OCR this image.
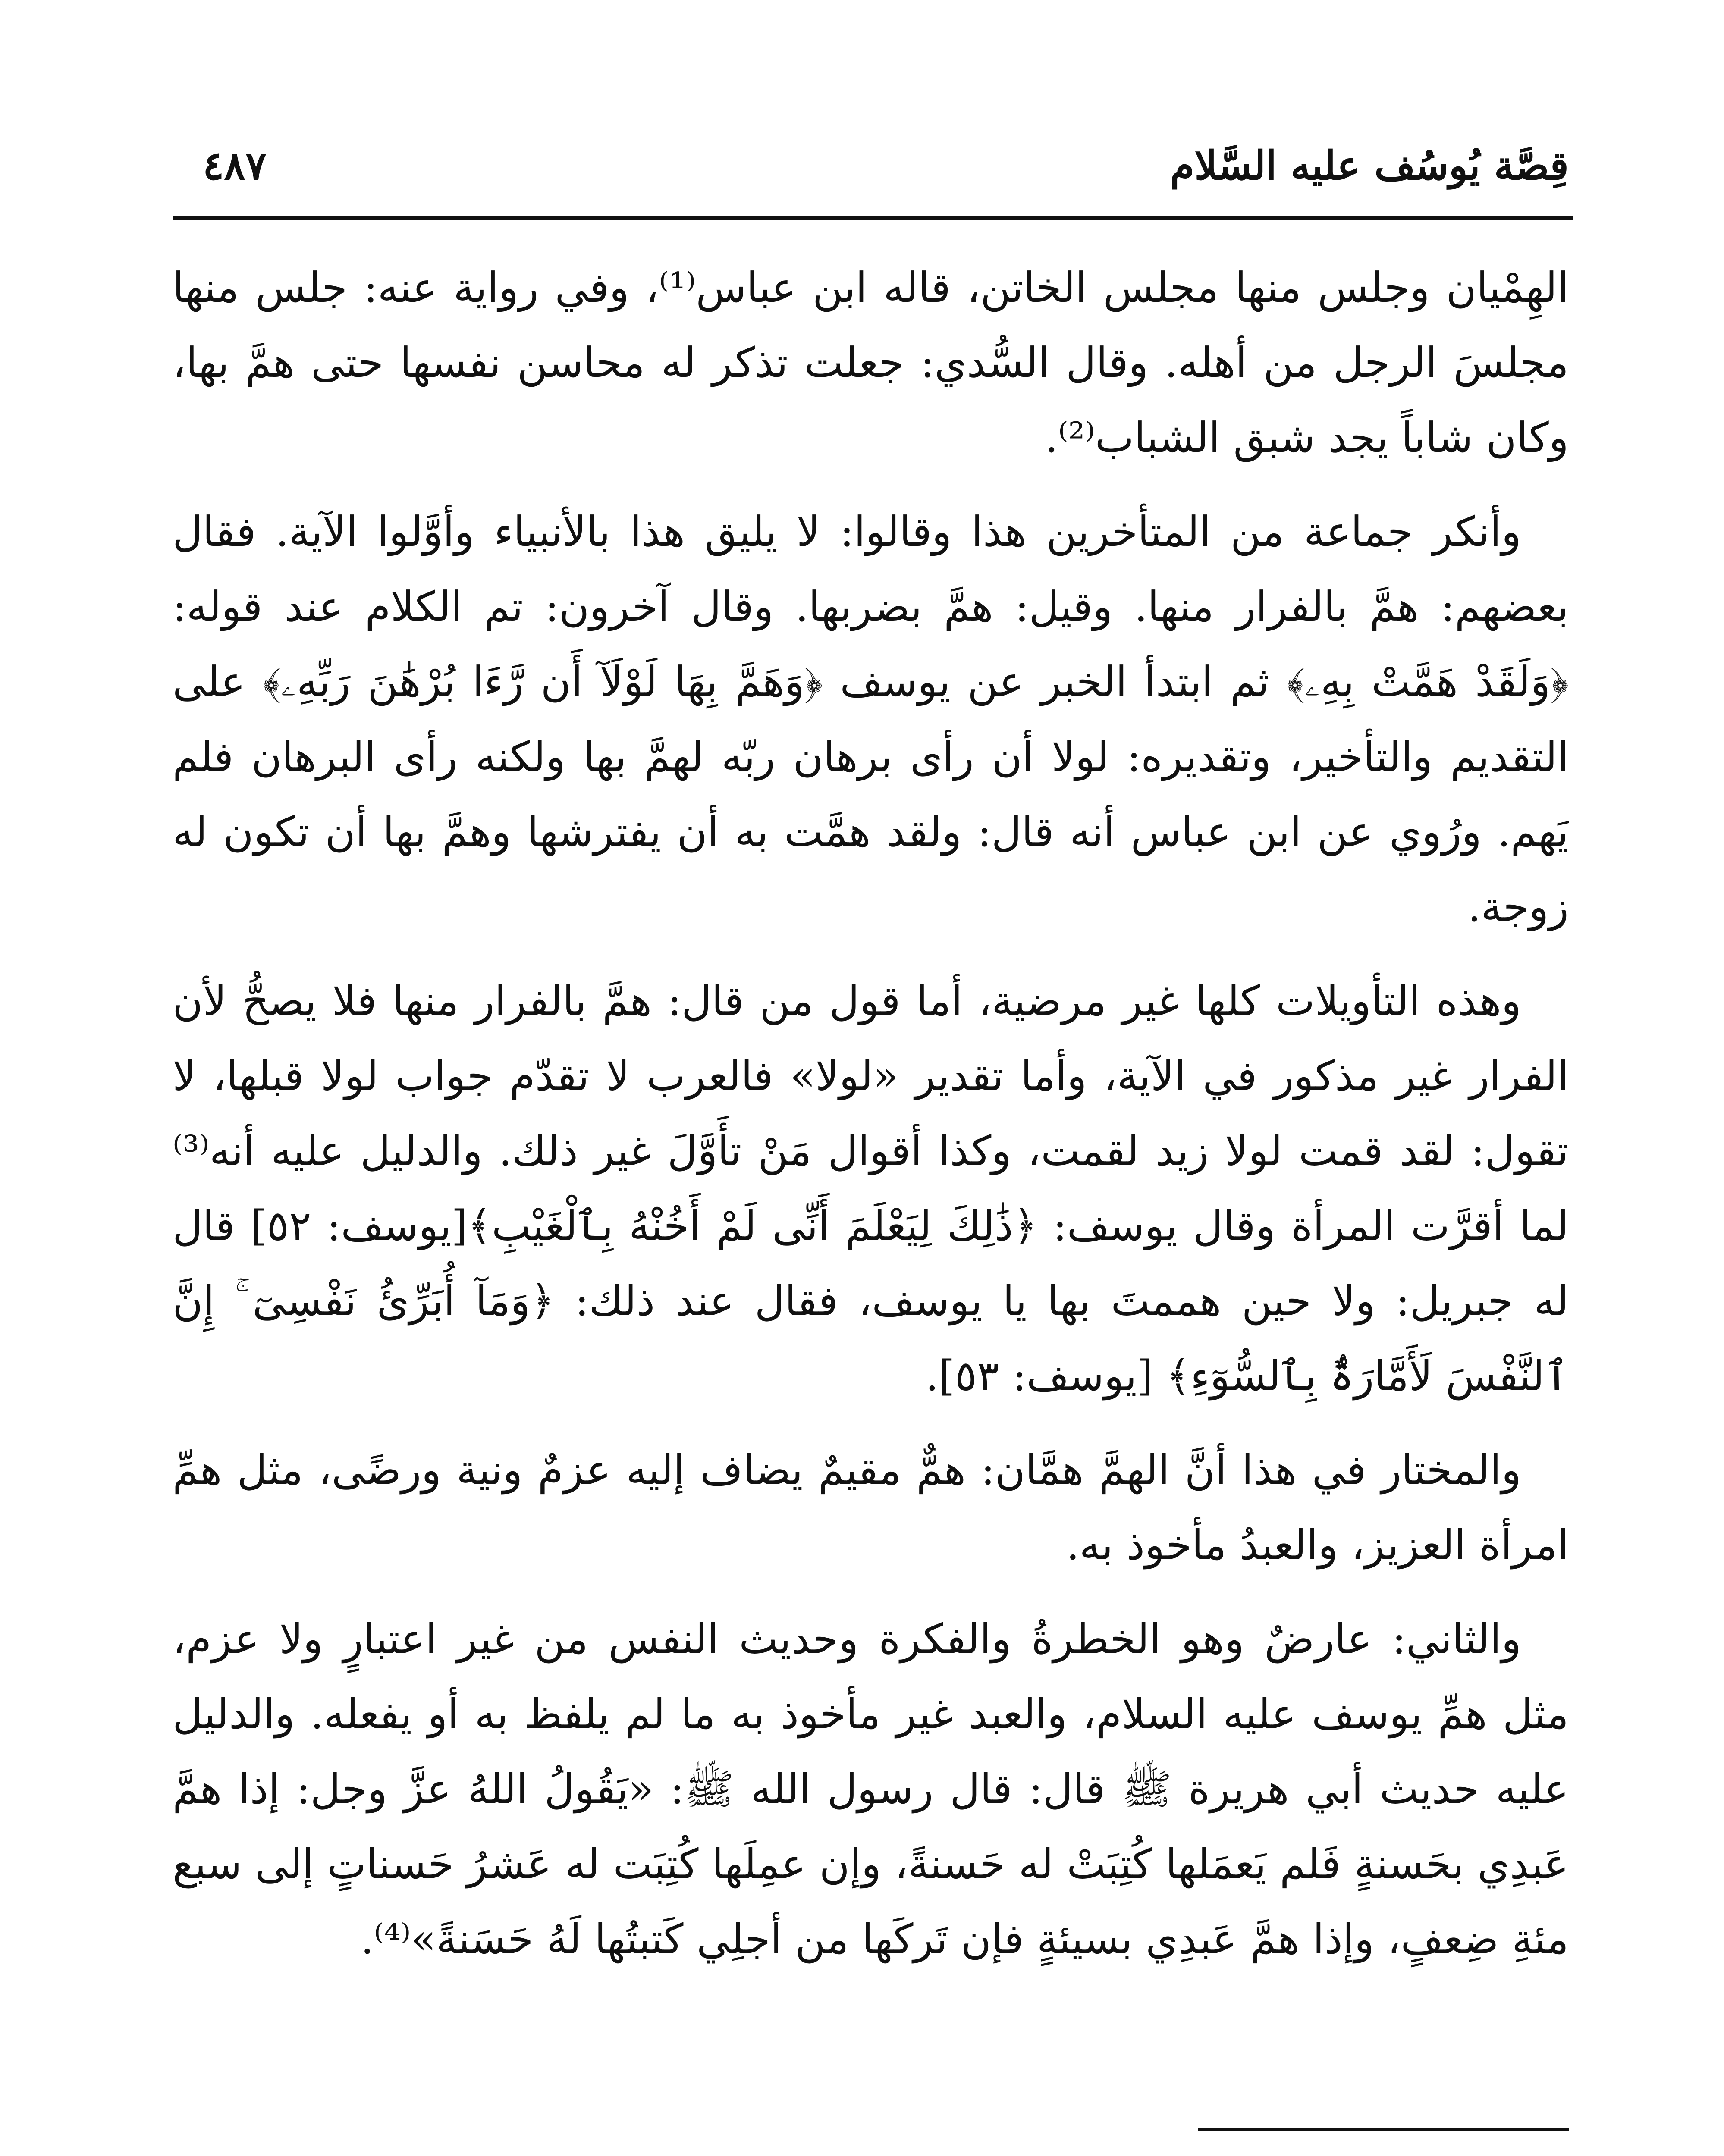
قِصَّة يُوسُف عليه السَّلام
٤٨٧

الهِمْيان وجلس منها مجلس الخاتن، قاله ابن عباس⁽¹⁾، وفي رواية عنه: جلس منها مجلسَ الرجل من أهله. وقال السُّدي: جعلت تذكر له محاسن نفسها حتى همَّ بها، وكان شاباً يجد شبق الشباب⁽²⁾.

وأنكر جماعة من المتأخرين هذا وقالوا: لا يليق هذا بالأنبياء وأوَّلوا الآية. فقال بعضهم: همَّ بالفرار منها. وقيل: همَّ بضربها. وقال آخرون: تم الكلام عند قوله: ﴿وَلَقَدْ هَمَّتْ بِهِۦ﴾ ثم ابتدأ الخبر عن يوسف ﴿وَهَمَّ بِهَا لَوْلَآ أَن رَّءَا بُرْهَٰنَ رَبِّهِۦ﴾ على التقديم والتأخير، وتقديره: لولا أن رأى برهان ربّه لهمَّ بها ولكنه رأى البرهان فلم يَهم. ورُوي عن ابن عباس أنه قال: ولقد همَّت به أن يفترشها وهمَّ بها أن تكون له زوجة.

وهذه التأويلات كلها غير مرضية، أما قول من قال: همَّ بالفرار منها فلا يصحُّ لأن الفرار غير مذكور في الآية، وأما تقدير «لولا» فالعرب لا تقدّم جواب لولا قبلها، لا تقول: لقد قمت لولا زيد لقمت، وكذا أقوال مَنْ تأَوَّلَ غير ذلك. والدليل عليه أنه⁽³⁾ لما أقرَّت المرأة وقال يوسف: ﴿ذَٰلِكَ لِيَعْلَمَ أَنِّى لَمْ أَخُنْهُ بِٱلْغَيْبِ﴾[يوسف: ٥٢] قال له جبريل: ولا حين هممتَ بها يا يوسف، فقال عند ذلك: ﴿وَمَآ أُبَرِّئُ نَفْسِىٓ ۚ إِنَّ ٱلنَّفْسَ لَأَمَّارَةٌۢ بِٱلسُّوٓءِ﴾ [يوسف: ٥٣].

والمختار في هذا أنَّ الهمَّ همَّان: همٌّ مقيمٌ يضاف إليه عزمٌ ونية ورضًى، مثل همِّ امرأة العزيز، والعبدُ مأخوذ به.

والثاني: عارضٌ وهو الخطرةُ والفكرة وحديث النفس من غير اعتبارٍ ولا عزم، مثل همِّ يوسف عليه السلام، والعبد غير مأخوذ به ما لم يلفظ به أو يفعله. والدليل عليه حديث أبي هريرة ﷺ قال: قال رسول الله ﷺ: «يَقُولُ اللهُ عزَّ وجل: إذا همَّ عَبدِي بحَسنةٍ فَلم يَعمَلها كُتِبَتْ له حَسنةً، وإن عمِلَها كُتِبَت له عَشرُ حَسناتٍ إلى سبع مئةِ ضِعفٍ، وإذا همَّ عَبدِي بسيئةٍ فإن تَركَها من أجلِي كَتبتُها لَهُ حَسَنةً»⁽⁴⁾.
